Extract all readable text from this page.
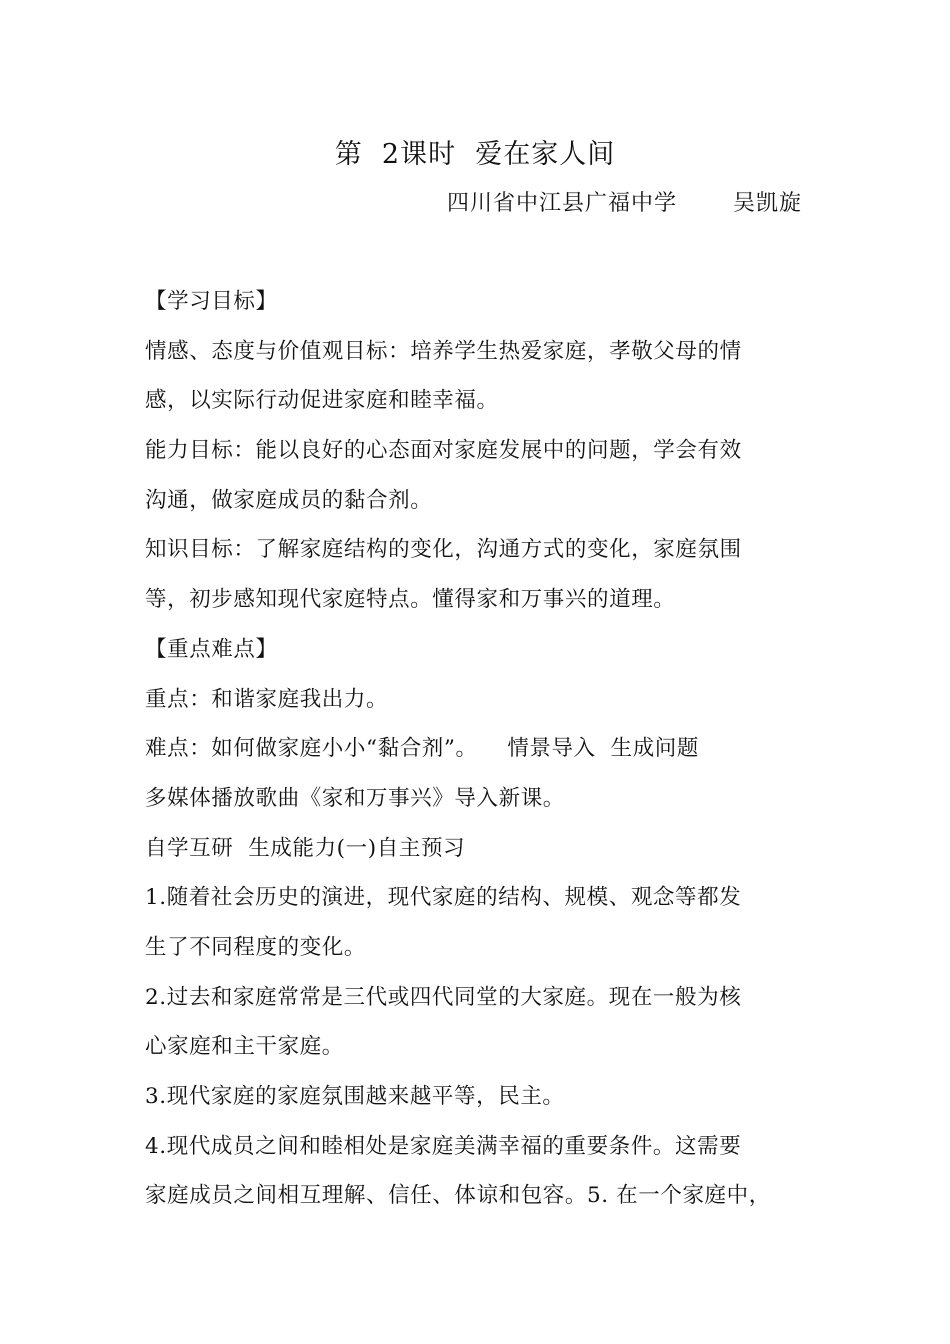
第  2课时  爱在家人间
四川省中江县广福中学       吴凯旋
【学习目标】
情感、态度与价值观目标：培养学生热爱家庭，孝敬父母的情
感，以实际行动促进家庭和睦幸福。
能力目标：能以良好的心态面对家庭发展中的问题，学会有效
沟通，做家庭成员的黏合剂。
知识目标：了解家庭结构的变化，沟通方式的变化，家庭氛围
等，初步感知现代家庭特点。懂得家和万事兴的道理。
【重点难点】
重点：和谐家庭我出力。
难点：如何做家庭小小“黏合剂”。    情景导入  生成问题
多媒体播放歌曲《家和万事兴》导入新课。
自学互研  生成能力(一)自主预习
1.随着社会历史的演进，现代家庭的结构、规模、观念等都发
生了不同程度的变化。
2.过去和家庭常常是三代或四代同堂的大家庭。现在一般为核
心家庭和主干家庭。
3.现代家庭的家庭氛围越来越平等，民主。
4.现代成员之间和睦相处是家庭美满幸福的重要条件。这需要
家庭成员之间相互理解、信任、体谅和包容。5. 在一个家庭中，
